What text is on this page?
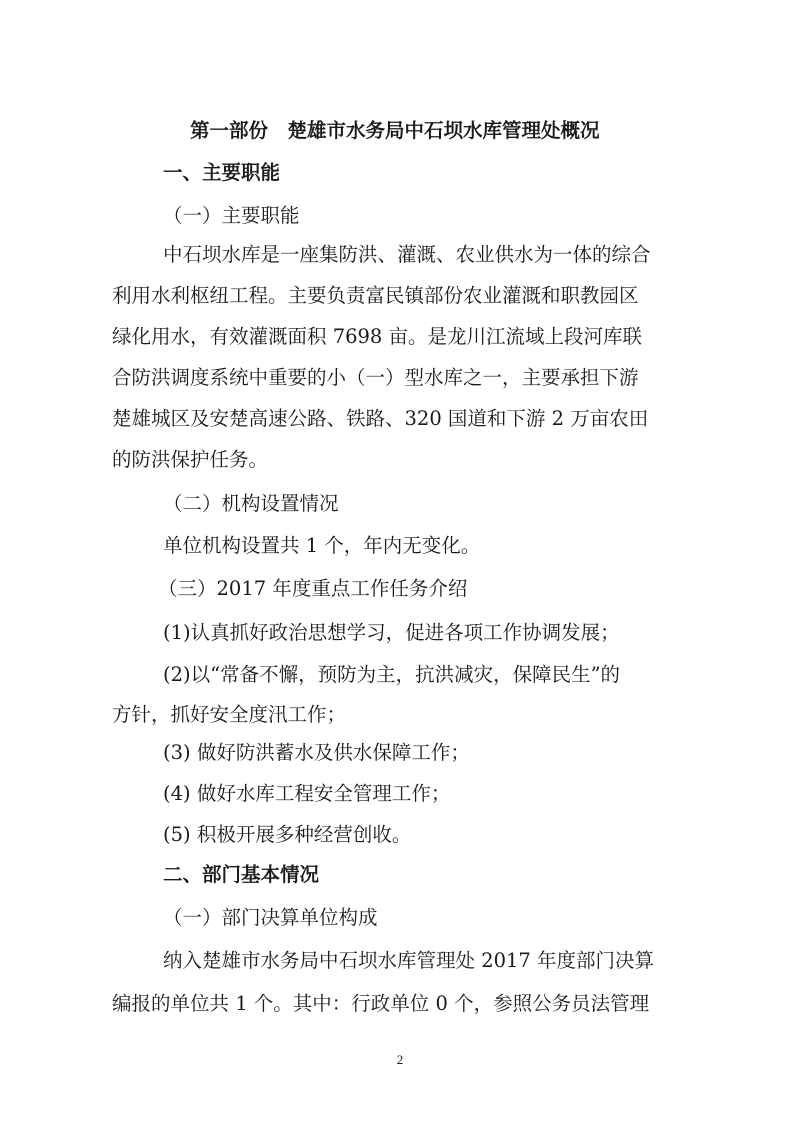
第一部份　楚雄市水务局中石坝水库管理处概况
一、主要职能
（一）主要职能
中石坝水库是一座集防洪、灌溉、农业供水为一体的综合
利用水利枢纽工程。主要负责富民镇部份农业灌溉和职教园区
绿化用水，有效灌溉面积 7698 亩。是龙川江流域上段河库联
合防洪调度系统中重要的小（一）型水库之一，主要承担下游
楚雄城区及安楚高速公路、铁路、320 国道和下游 2 万亩农田
的防洪保护任务。
（二）机构设置情况
单位机构设置共 1 个，年内无变化。
（三）2017 年度重点工作任务介绍
(1)认真抓好政治思想学习，促进各项工作协调发展；
(2)以“常备不懈，预防为主，抗洪减灾，保障民生”的
方针，抓好安全度汛工作；
(3) 做好防洪蓄水及供水保障工作；
(4) 做好水库工程安全管理工作；
(5) 积极开展多种经营创收。
二、部门基本情况
（一）部门决算单位构成
纳入楚雄市水务局中石坝水库管理处 2017 年度部门决算
编报的单位共 1 个。其中：行政单位 0 个，参照公务员法管理
2
